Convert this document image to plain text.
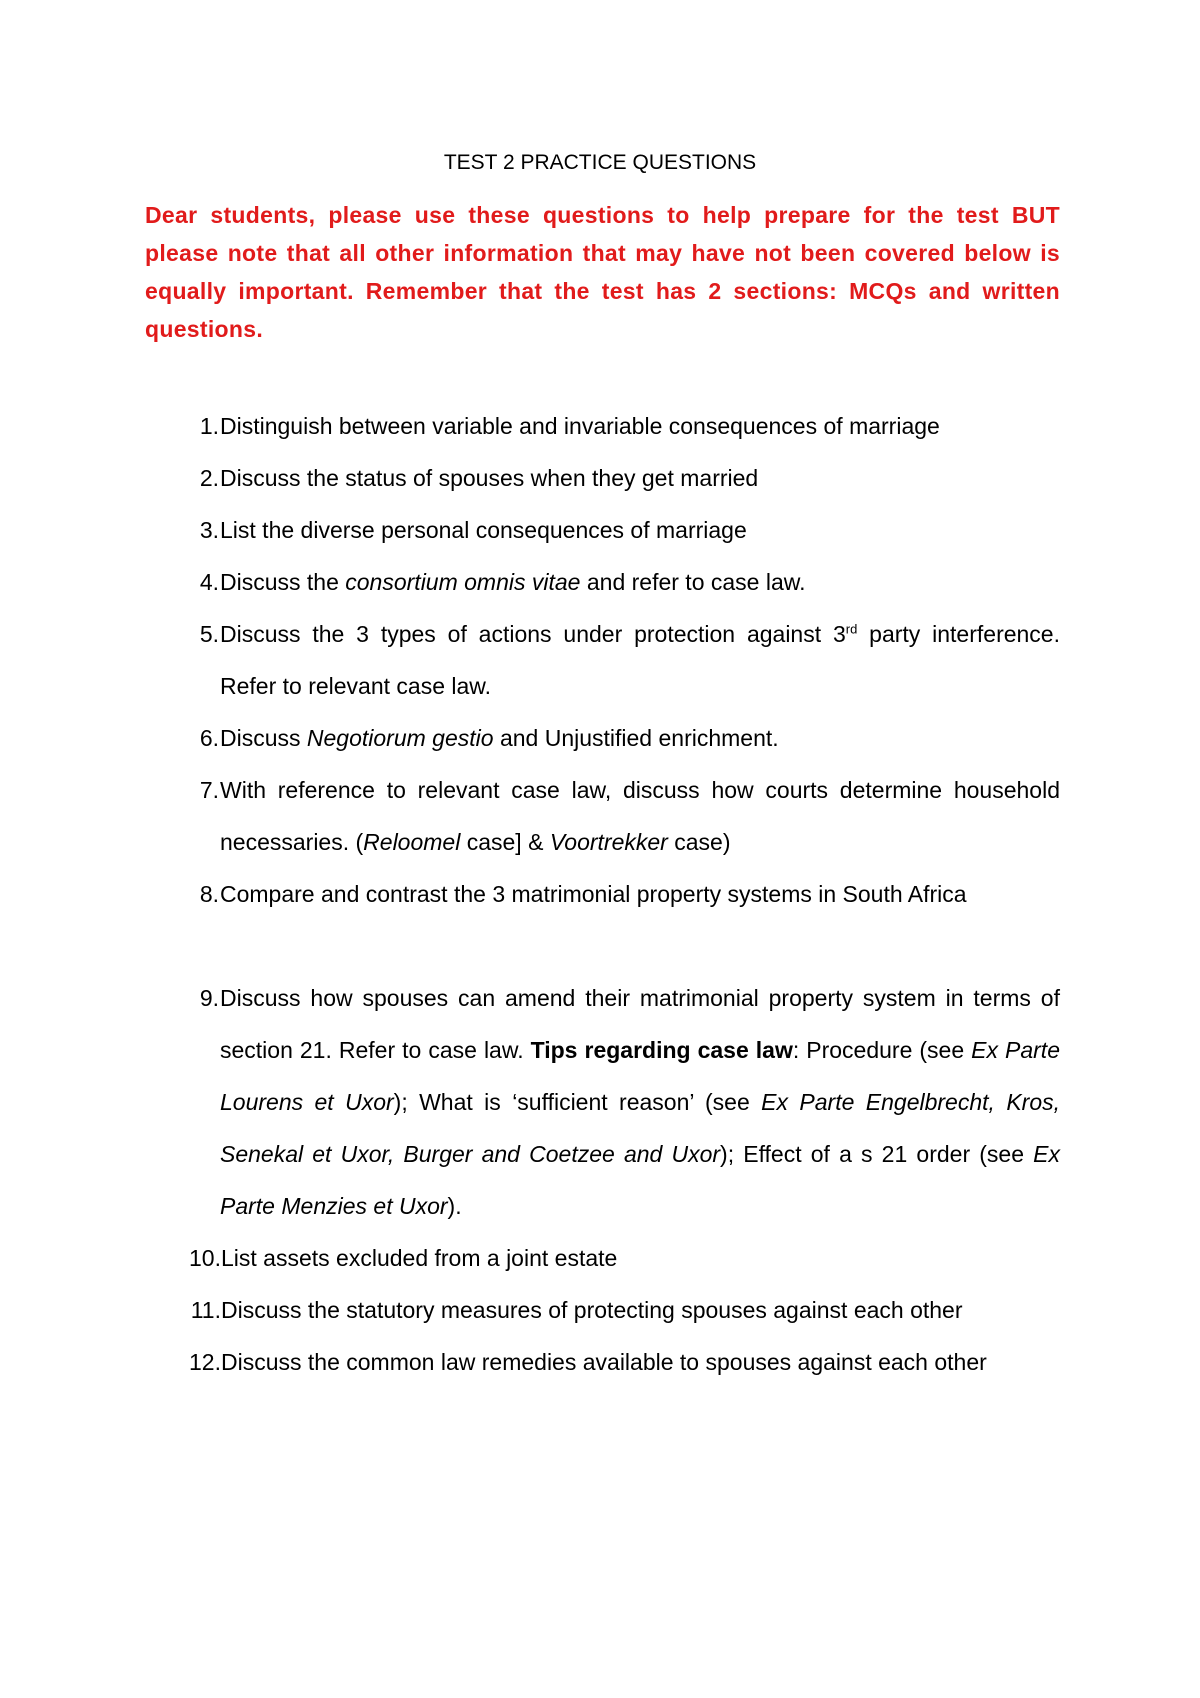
TEST 2 PRACTICE QUESTIONS
Dear students, please use these questions to help prepare for the test BUT please note that all other information that may have not been covered below is equally important. Remember that the test has 2 sections: MCQs and written questions.
1. Distinguish between variable and invariable consequences of marriage
2. Discuss the status of spouses when they get married
3. List the diverse personal consequences of marriage
4. Discuss the consortium omnis vitae and refer to case law.
5. Discuss the 3 types of actions under protection against 3rd party interference. Refer to relevant case law.
6. Discuss Negotiorum gestio and Unjustified enrichment.
7. With reference to relevant case law, discuss how courts determine household necessaries. (Reloomel case] & Voortrekker case)
8. Compare and contrast the 3 matrimonial property systems in South Africa
9. Discuss how spouses can amend their matrimonial property system in terms of section 21. Refer to case law. Tips regarding case law: Procedure (see Ex Parte Lourens et Uxor); What is ‘sufficient reason’ (see Ex Parte Engelbrecht, Kros, Senekal et Uxor, Burger and Coetzee and Uxor); Effect of a s 21 order (see Ex Parte Menzies et Uxor).
10. List assets excluded from a joint estate
11. Discuss the statutory measures of protecting spouses against each other
12. Discuss the common law remedies available to spouses against each other
